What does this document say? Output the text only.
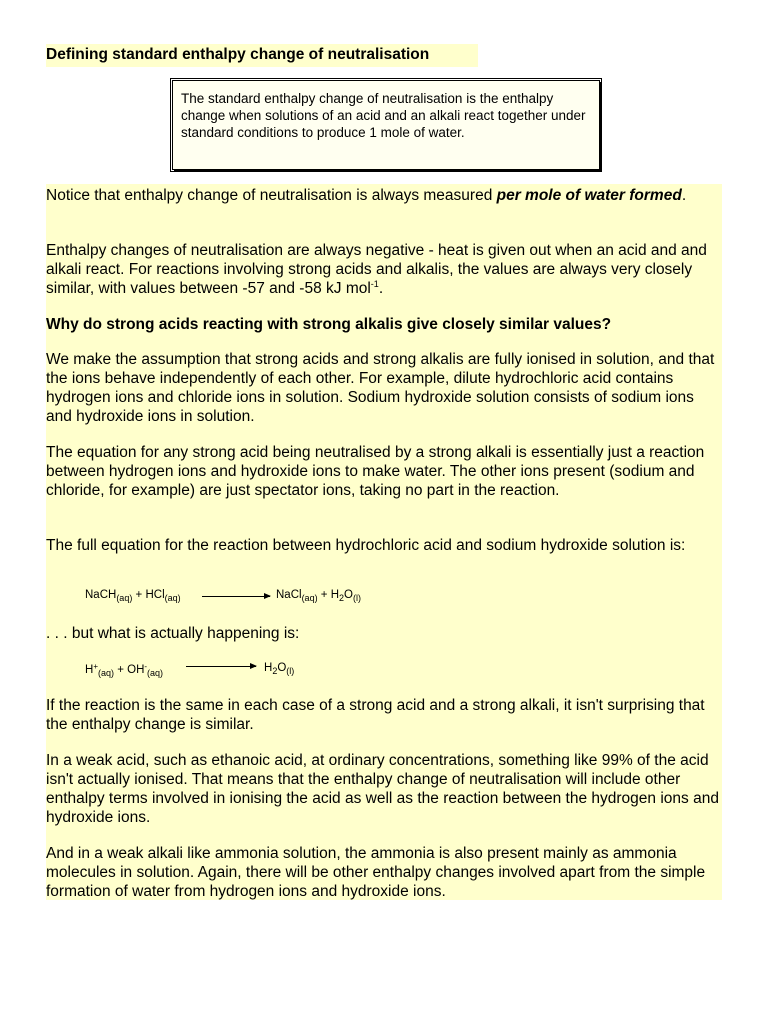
Defining standard enthalpy change of neutralisation
The standard enthalpy change of neutralisation is the enthalpy change when solutions of an acid and an alkali react together under standard conditions to produce 1 mole of water.

Notice that enthalpy change of neutralisation is always measured per mole of water formed.

Enthalpy changes of neutralisation are always negative - heat is given out when an acid and and alkali react. For reactions involving strong acids and alkalis, the values are always very closely similar, with values between -57 and -58 kJ mol$^{-1}$.

Why do strong acids reacting with strong alkalis give closely similar values?

We make the assumption that strong acids and strong alkalis are fully ionised in solution, and that the ions behave independently of each other. For example, dilute hydrochloric acid contains hydrogen ions and chloride ions in solution. Sodium hydroxide solution consists of sodium ions and hydroxide ions in solution.

The equation for any strong acid being neutralised by a strong alkali is essentially just a reaction between hydrogen ions and hydroxide ions to make water. The other ions present (sodium and chloride, for example) are just spectator ions, taking no part in the reaction.

The full equation for the reaction between hydrochloric acid and sodium hydroxide solution is:

NaCH$_{(aq)}$ + HCl$_{(aq)}$	NaCl$_{(aq)}$ + $H_2O_{(l)}$

. . . but what is actually happening is:

$H^+_{(aq)} + OH^-_{(aq)}$	$H_2O_{(l)}$

If the reaction is the same in each case of a strong acid and a strong alkali, it isn't surprising that the enthalpy change is similar.

In a weak acid, such as ethanoic acid, at ordinary concentrations, something like 99% of the acid isn't actually ionised. That means that the enthalpy change of neutralisation will include other enthalpy terms involved in ionising the acid as well as the reaction between the hydrogen ions and hydroxide ions.

And in a weak alkali like ammonia solution, the ammonia is also present mainly as ammonia molecules in solution. Again, there will be other enthalpy changes involved apart from the simple formation of water from hydrogen ions and hydroxide ions.
